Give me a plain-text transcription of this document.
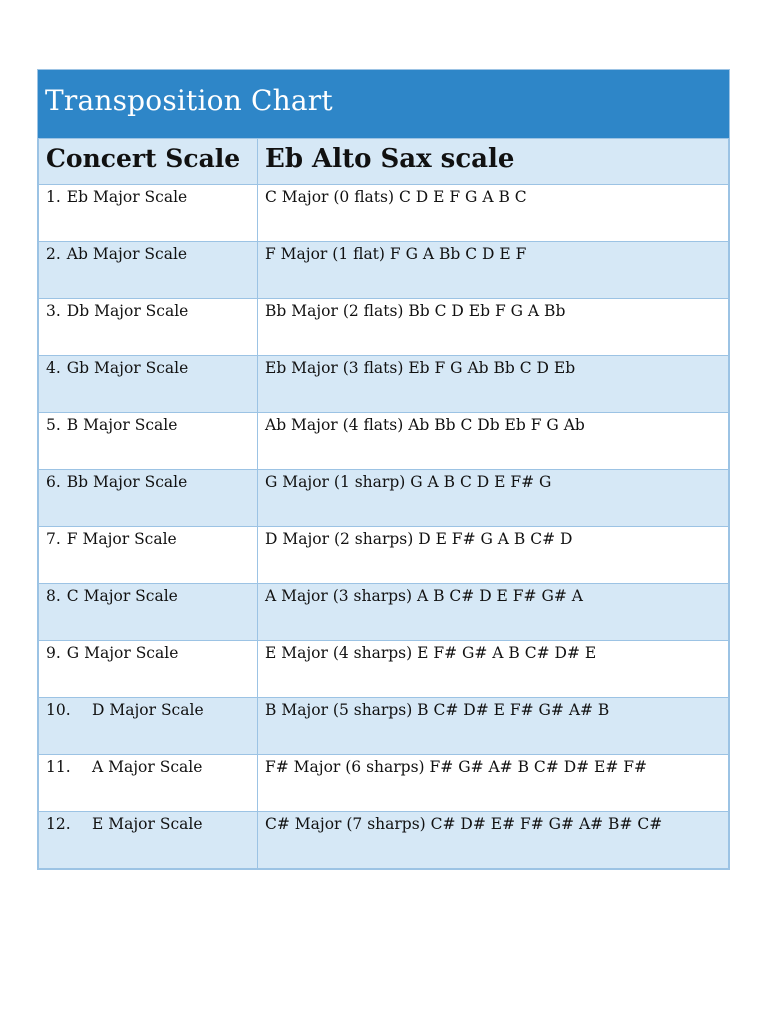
Transposition Chart
Concert Scale	Eb Alto Sax scale
1. Eb Major Scale	C Major (0 flats) C D E F G A B C
2. Ab Major Scale	F Major (1 flat) F G A Bb C D E F
3. Db Major Scale	Bb Major (2 flats) Bb C D Eb F G A Bb
4. Gb Major Scale	Eb Major (3 flats) Eb F G Ab Bb C D Eb
5. B Major Scale	Ab Major (4 flats) Ab Bb C Db Eb F G Ab
6. Bb Major Scale	G Major (1 sharp) G A B C D E F# G
7. F Major Scale	D Major (2 sharps) D E F# G A B C# D
8. C Major Scale	A Major (3 sharps) A B C# D E F# G# A
9. G Major Scale	E Major (4 sharps) E F# G# A B C# D# E
10. D Major Scale	B Major (5 sharps) B C# D# E F# G# A# B
11. A Major Scale	F# Major (6 sharps) F# G# A# B C# D# E# F#
12. E Major Scale	C# Major (7 sharps) C# D# E# F# G# A# B# C#
